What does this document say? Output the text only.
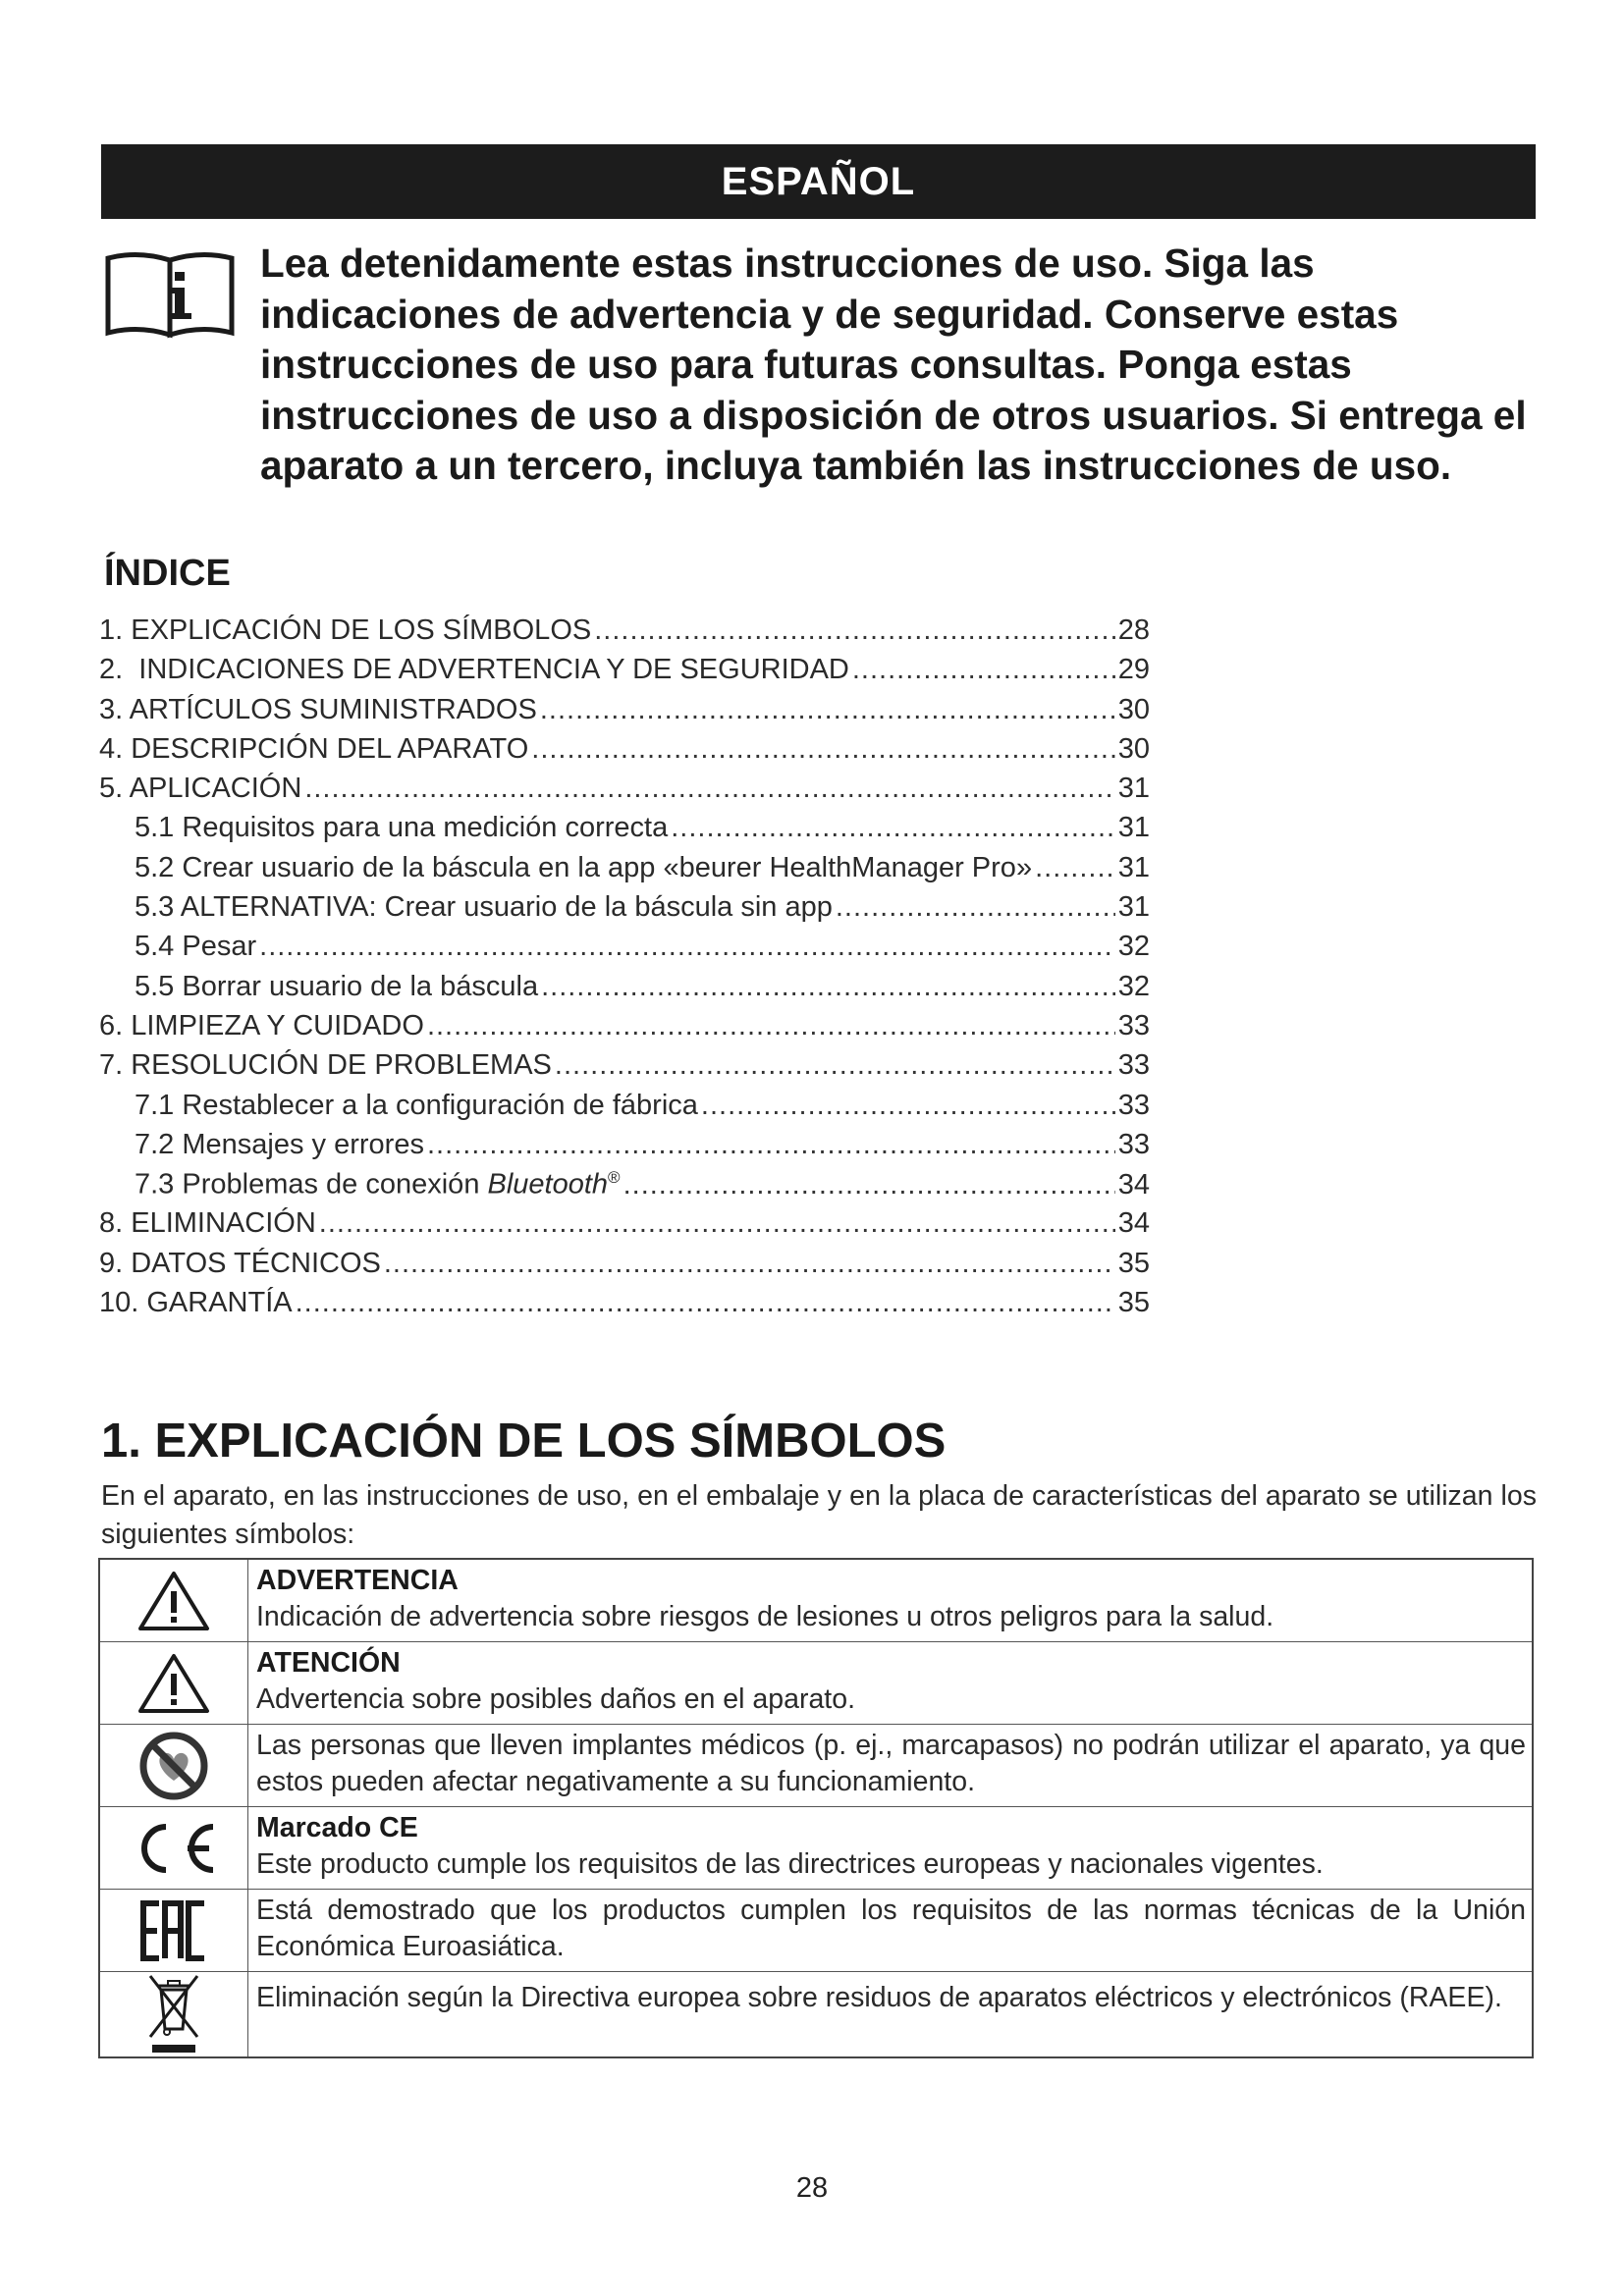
ESPAÑOL
Lea detenidamente estas instrucciones de uso. Siga las indicaciones de advertencia y de seguridad. Conserve estas instrucciones de uso para futuras consultas. Ponga estas instrucciones de uso a disposición de otros usuarios. Si entrega el aparato a un tercero, incluya también las instrucciones de uso.
ÍNDICE
1. EXPLICACIÓN DE LOS SÍMBOLOS .....	28
2.  INDICACIONES DE ADVERTENCIA Y DE SEGURIDAD .....	29
3. ARTÍCULOS SUMINISTRADOS .....	30
4. DESCRIPCIÓN DEL APARATO .....	30
5. APLICACIÓN .....	31
5.1 Requisitos para una medición correcta .....	31
5.2 Crear usuario de la báscula en la app «beurer HealthManager Pro» .....	31
5.3 ALTERNATIVA: Crear usuario de la báscula sin app .....	31
5.4 Pesar .....	32
5.5 Borrar usuario de la báscula .....	32
6. LIMPIEZA Y CUIDADO .....	33
7. RESOLUCIÓN DE PROBLEMAS .....	33
7.1 Restablecer a la configuración de fábrica .....	33
7.2 Mensajes y errores .....	33
7.3 Problemas de conexión Bluetooth® .....	34
8. ELIMINACIÓN .....	34
9. DATOS TÉCNICOS .....	35
10. GARANTÍA .....	35
1. EXPLICACIÓN DE LOS SÍMBOLOS
En el aparato, en las instrucciones de uso, en el embalaje y en la placa de características del aparato se utilizan los siguientes símbolos:

ADVERTENCIA
Indicación de advertencia sobre riesgos de lesiones u otros peligros para la salud.

ATENCIÓN
Advertencia sobre posibles daños en el aparato.

Las personas que lleven implantes médicos (p. ej., marcapasos) no podrán utilizar el aparato, ya que estos pueden afectar negativamente a su funcionamiento.

Marcado CE
Este producto cumple los requisitos de las directrices europeas y nacionales vigentes.

Está demostrado que los productos cumplen los requisitos de las normas técnicas de la Unión Económica Euroasiática.

Eliminación según la Directiva europea sobre residuos de aparatos eléctricos y electrónicos (RAEE).
28
